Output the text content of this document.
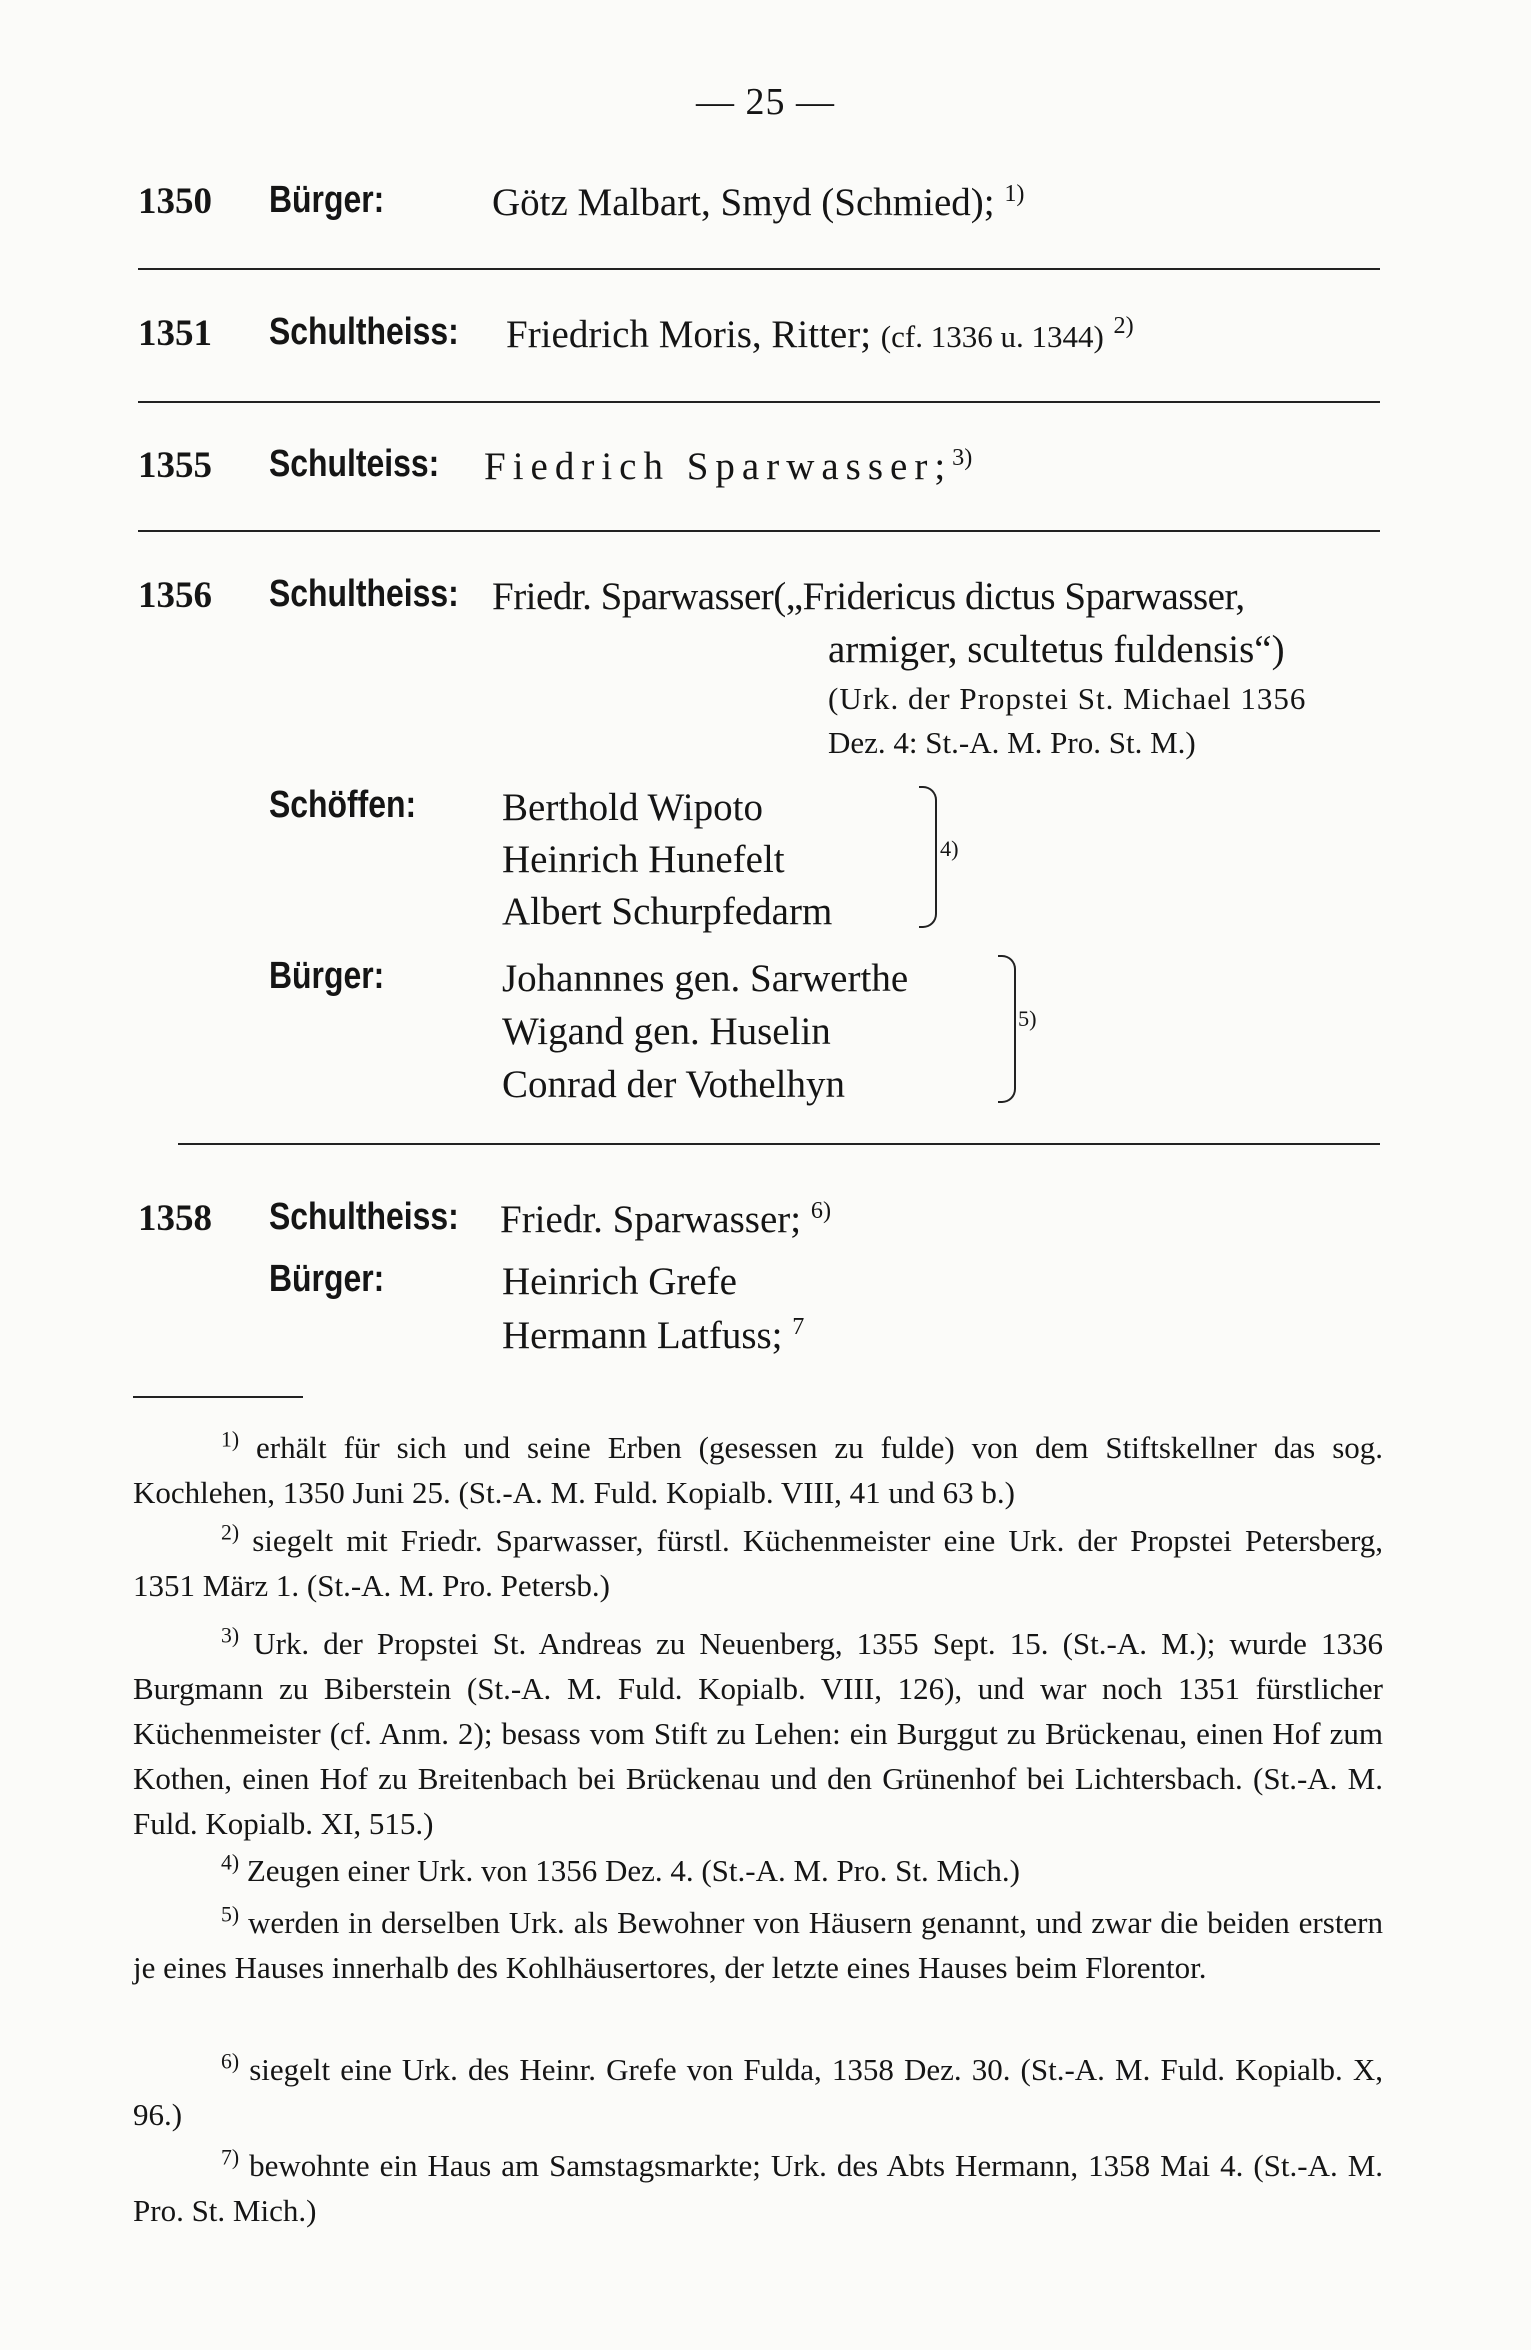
— 25 —
1350 Bürger:	Götz Malbart, Smyd (Schmied); $^{1)}$
1351 Schultheiss: Friedrich Moris, Ritter; (cf. 1336 u. 1344) $^{2)}$
1355 Schulteiss: Fiedrich Sparwasser;$^{3)}$
1356 Schultheiss: Friedr. Sparwasser(„Fridericus dictus Sparwasser,
armiger, scultetus fuldensis“)
(Urk. der Propstei St. Michael 1356
Dez. 4: St.-A. M. Pro. St. M.)
Schöffen: Berthold Wipoto
Heinrich Hunefelt
Albert Schurpfedarm
$^{4)}$
Bürger:	Johannnes gen. Sarwerthe
Wigand gen. Huselin
Conrad der Vothelhyn
$^{5)}$
1358 Schultheiss: Friedr. Sparwasser; $^{6)}$
Bürger:	Heinrich Grefe
Hermann Latfuss; $^7$
$^{1)}$ erhält für sich und seine Erben (gesessen zu fulde) von dem Stiftskellner das sog. Kochlehen, 1350 Juni 25. (St.-A. M. Fuld. Kopialb. VIII, 41 und 63 b.)
$^{2)}$ siegelt mit Friedr. Sparwasser, fürstl. Küchenmeister eine Urk. der Propstei Petersberg, 1351 März 1. (St.-A. M. Pro. Petersb.)
$^{3)}$ Urk. der Propstei St. Andreas zu Neuenberg, 1355 Sept. 15. (St.-A. M.); wurde 1336 Burgmann zu Biberstein (St.-A. M. Fuld. Kopialb. VIII, 126), und war noch 1351 fürstlicher Küchenmeister (cf. Anm. 2); besass vom Stift zu Lehen: ein Burggut zu Brückenau, einen Hof zum Kothen, einen Hof zu Breitenbach bei Brückenau und den Grünenhof bei Lichtersbach. (St.-A. M. Fuld. Kopialb. XI, 515.)
$^{4)}$ Zeugen einer Urk. von 1356 Dez. 4. (St.-A. M. Pro. St. Mich.)
$^{5)}$ werden in derselben Urk. als Bewohner von Häusern genannt, und zwar die beiden erstern je eines Hauses innerhalb des Kohlhäusertores, der letzte eines Hauses beim Florentor.
$^{6)}$ siegelt eine Urk. des Heinr. Grefe von Fulda, 1358 Dez. 30. (St.-A. M. Fuld. Kopialb. X, 96.)
$^{7)}$ bewohnte ein Haus am Samstagsmarkte; Urk. des Abts Hermann, 1358 Mai 4. (St.-A. M. Pro. St. Mich.)
